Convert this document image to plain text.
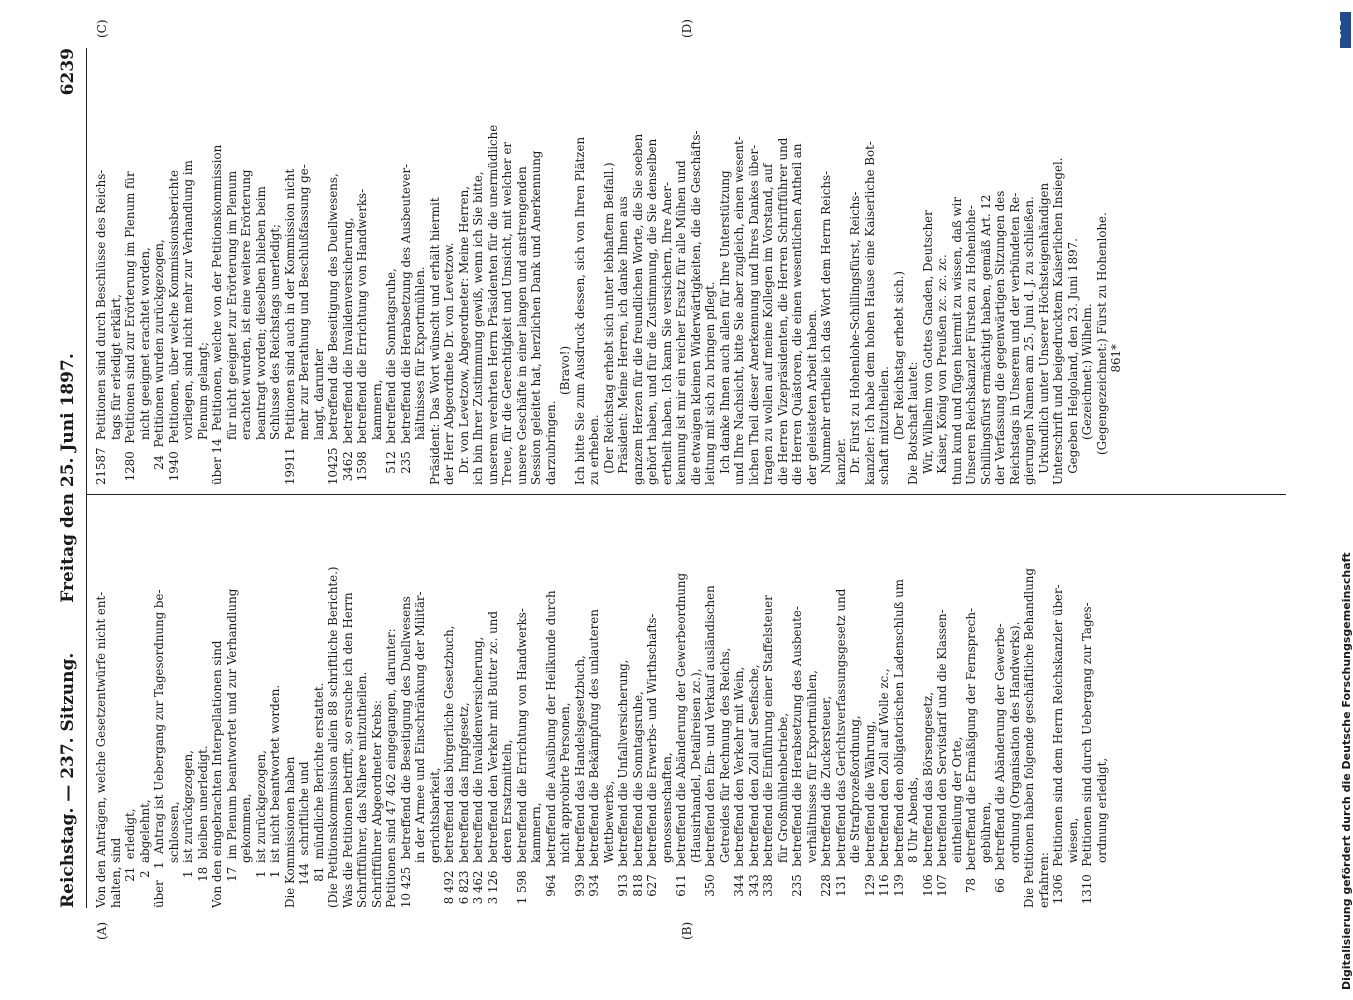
Reichstag. — 237. Sitzung.
Freitag den 25. Juni 1897.
6239
Von den Anträgen, welche Gesetzentwürfe nicht ent- halten, sind 21  erledigt, 2  abgelehnt, über   1  Antrag ist Uebergang zur Tagesordnung be- schlossen, 1  ist zurückgezogen, 18  bleiben unerledigt. Von den eingebrachten Interpellationen sind 17  im Plenum beantwortet und zur Verhandlung gekommen, 1  ist zurückgezogen, 1  ist nicht beantwortet worden. Die Kommissionen haben 144  schriftliche und 81  mündliche Berichte erstattet. (Die Petitionskommission allein 88 schriftliche Berichte.) Was die Petitionen betrifft, so ersuche ich den Herrn Schriftführer, das Nähere mitzutheilen. Schriftführer Abgeordneter Krebs: Petitionen sind 47 462 eingegangen, darunter: 10 425  betreffend die Beseitigung des Duellwesens in der Armee und Einschränkung der Militär- gerichtsbarkeit, 8 492  betreffend das bürgerliche Gesetzbuch, 6 823  betreffend das Impfgesetz, 3 462  betreffend die Invalidenversicherung, 3 126  betreffend den Verkehr mit Butter zc. und deren Ersatzmitteln, 1 598  betreffend die Errichtung von Handwerks- kammern, 964  betreffend die Ausübung der Heilkunde durch nicht approbirte Personen, 939  betreffend das Handelsgesetzbuch, 934  betreffend die Bekämpfung des unlauteren Wettbewerbs, 913  betreffend die Unfallversicherung, 818  betreffend die Sonntagsruhe, 627  betreffend die Erwerbs- und Wirthschafts- genossenschaften, 611  betreffend die Abänderung der Gewerbeordnung (Hausirhandel, Detailreisen zc.), 350  betreffend den Ein- und Verkauf ausländischen Getreides für Rechnung des Reichs, 344  betreffend den Verkehr mit Wein, 343  betreffend den Zoll auf Seefische, 338  betreffend die Einführung einer Staffelsteuer für Großmühlenbetriebe, 235  betreffend die Herabsetzung des Ausbeute- verhältnisses für Exportmühlen, 228  betreffend die Zuckersteuer, 131  betreffend das Gerichtsverfassungsgesetz und die Strafprozeßordnung, 129  betreffend die Währung, 116  betreffend den Zoll auf Wolle zc., 139  betreffend den obligatorischen Ladenschluß um 8 Uhr Abends, 106  betreffend das Börsengesetz, 107  betreffend den Servistarif und die Klassen- eintheilung der Orte, 78  betreffend die Ermäßigung der Fernsprech- gebühren, 66  betreffend die Abänderung der Gewerbe- ordnung (Organisation des Handwerks). Die Petitionen haben folgende geschäftliche Behandlung erfahren: 1306  Petitionen sind dem Herrn Reichskanzler über- wiesen, 1310  Petitionen sind durch Uebergang zur Tages- ordnung erledigt,
21587  Petitionen sind durch Beschlüsse des Reichs- tags für erledigt erklärt, 1280  Petitionen sind zur Erörterung im Plenum für nicht geeignet erachtet worden, 24  Petitionen wurden zurückgezogen, 1940  Petitionen, über welche Kommissionsberichte vorliegen, sind nicht mehr zur Verhandlung im Plenum gelangt; über 14  Petitionen, welche von der Petitionskommission für nicht geeignet zur Erörterung im Plenum erachtet wurden, ist eine weitere Erörterung beantragt worden; dieselben blieben beim Schlusse des Reichstags unerledigt; 19911  Petitionen sind auch in der Kommission nicht mehr zur Berathung und Beschlußfassung ge- langt, darunter 10425  betreffend die Beseitigung des Duellwesens, 3462  betreffend die Invalidenversicherung, 1598  betreffend die Errichtung von Handwerks- kammern, 512  betreffend die Sonntagsruhe, 235  betreffend die Herabsetzung des Ausbeutever- hältnisses für Exportmühlen. Präsident: Das Wort wünscht und erhält hiermit der Herr Abgeordnete Dr. von Levetzow. Dr. von Levetzow, Abgeordneter: Meine Herren, ich bin Ihrer Zustimmung gewiß, wenn ich Sie bitte, unserem verehrten Herrn Präsidenten für die unermüdliche Treue, für die Gerechtigkeit und Umsicht, mit welcher er unsere Geschäfte in einer langen und anstrengenden Session geleitet hat, herzlichen Dank und Anerkennung darzubringen. (Bravo!) Ich bitte Sie zum Ausdruck dessen, sich von Ihren Plätzen zu erheben. (Der Reichstag erhebt sich unter lebhaftem Beifall.) Präsident: Meine Herren, ich danke Ihnen aus ganzem Herzen für die freundlichen Worte, die Sie soeben gehört haben, und für die Zustimmung, die Sie denselben ertheilt haben. Ich kann Sie versichern, Ihre Aner- kennung ist mir ein reicher Ersatz für alle Mühen und die etwaigen kleinen Widerwärtigkeiten, die die Geschäfts- leitung mit sich zu bringen pflegt. Ich danke Ihnen auch allen für Ihre Unterstützung und Ihre Nachsicht, bitte Sie aber zugleich, einen wesent- lichen Theil dieser Anerkennung und Ihres Dankes über- tragen zu wollen auf meine Kollegen im Vorstand, auf die Herren Vizepräsidenten, die Herren Schriftführer und die Herren Quästoren, die einen wesentlichen Antheil an der geleisteten Arbeit haben. Nunmehr ertheile ich das Wort dem Herrn Reichs- kanzler. Dr. Fürst zu Hohenlohe-Schillingsfürst, Reichs- kanzler: Ich habe dem hohen Hause eine Kaiserliche Bot- schaft mitzutheilen. (Der Reichstag erhebt sich.) Die Botschaft lautet: Wir, Wilhelm von Gottes Gnaden, Deutscher Kaiser, König von Preußen zc. zc. zc. thun kund und fügen hiermit zu wissen, daß wir Unseren Reichskanzler Fürsten zu Hohenlohe- Schillingsfürst ermächtigt haben, gemäß Art. 12 der Verfassung die gegenwärtigen Sitzungen des Reichstags in Unserem und der verbündeten Re- gierungen Namen am 25. Juni d. J. zu schließen. Urkundlich unter Unserer Höchsteigenhändigen Unterschrift und beigedrucktem Kaiserlichen Insiegel. Gegeben Helgoland, den 23. Juni 1897. (Gezeichnet:) Wilhelm. (Gegengezeichnet:) Fürst zu Hohenlohe. 861*
(A)	(B)
(C)	(D)	DFG
Digitalisierung gefördert durch die Deutsche Forschungsgemeinschaft
